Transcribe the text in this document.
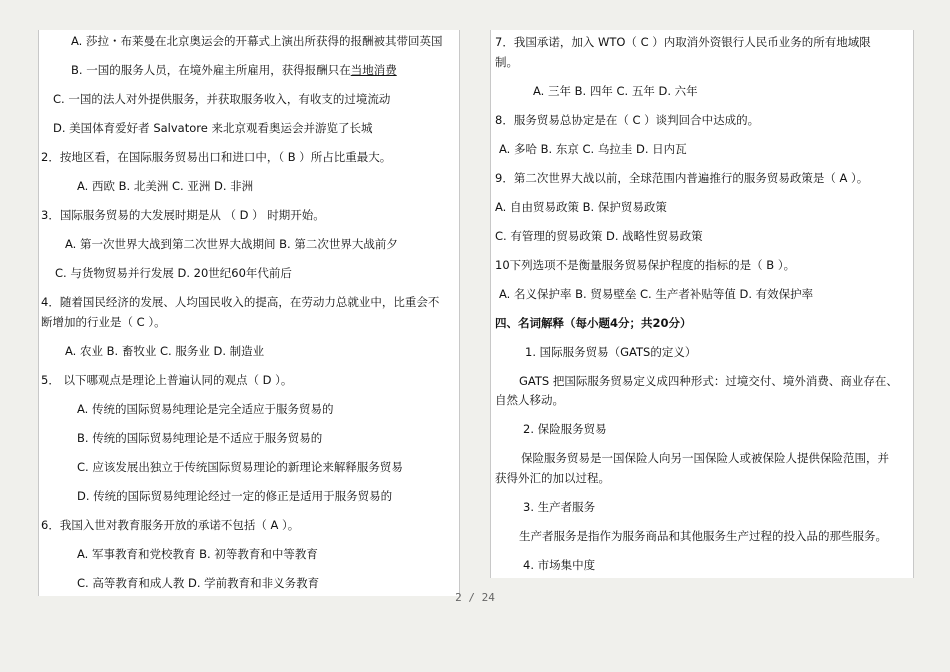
A. 莎拉・布莱曼在北京奥运会的开幕式上演出所获得的报酬被其带回英国
B. 一国的服务人员，在境外雇主所雇用，获得报酬只在当地消费
C. 一国的法人对外提供服务，并获取服务收入，有收支的过境流动
D. 美国体育爱好者 Salvatore 来北京观看奥运会并游览了长城
2．按地区看，在国际服务贸易出口和进口中，（ B ）所占比重最大。
A. 西欧 B. 北美洲 C. 亚洲 D. 非洲
3．国际服务贸易的大发展时期是从 （ D ） 时期开始。
A. 第一次世界大战到第二次世界大战期间 B. 第二次世界大战前夕
C. 与货物贸易并行发展 D. 20世纪60年代前后
4．随着国民经济的发展、人均国民收入的提高，在劳动力总就业中，比重会不
断增加的行业是（ C ）。
A. 农业 B. 畜牧业 C. 服务业 D. 制造业
5． 以下哪观点是理论上普遍认同的观点（ D ）。
A. 传统的国际贸易纯理论是完全适应于服务贸易的
B. 传统的国际贸易纯理论是不适应于服务贸易的
C. 应该发展出独立于传统国际贸易理论的新理论来解释服务贸易
D. 传统的国际贸易纯理论经过一定的修正是适用于服务贸易的
6．我国入世对教育服务开放的承诺不包括（ A ）。
A. 军事教育和党校教育 B. 初等教育和中等教育
C. 高等教育和成人教 D. 学前教育和非义务教育
7．我国承诺，加入 WTO（ C ）内取消外资银行人民币业务的所有地域限
制。
A. 三年 B. 四年 C. 五年 D. 六年
8．服务贸易总协定是在（ C ）谈判回合中达成的。
A. 多哈 B. 东京 C. 乌拉圭 D. 日内瓦
9．第二次世界大战以前，全球范围内普遍推行的服务贸易政策是（ A ）。
A. 自由贸易政策 B. 保护贸易政策
C. 有管理的贸易政策 D. 战略性贸易政策
10下列选项不是衡量服务贸易保护程度的指标的是（ B ）。
A. 名义保护率 B. 贸易壁垒 C. 生产者补贴等值 D. 有效保护率
四、名词解释（每小题4分；共20分）
1. 国际服务贸易（GATS的定义）
GATS 把国际服务贸易定义成四种形式：过境交付、境外消费、商业存在、
自然人移动。
2. 保险服务贸易
保险服务贸易是一国保险人向另一国保险人或被保险人提供保险范围，并
获得外汇的加以过程。
3. 生产者服务
生产者服务是指作为服务商品和其他服务生产过程的投入品的那些服务。
4. 市场集中度
2 / 24
